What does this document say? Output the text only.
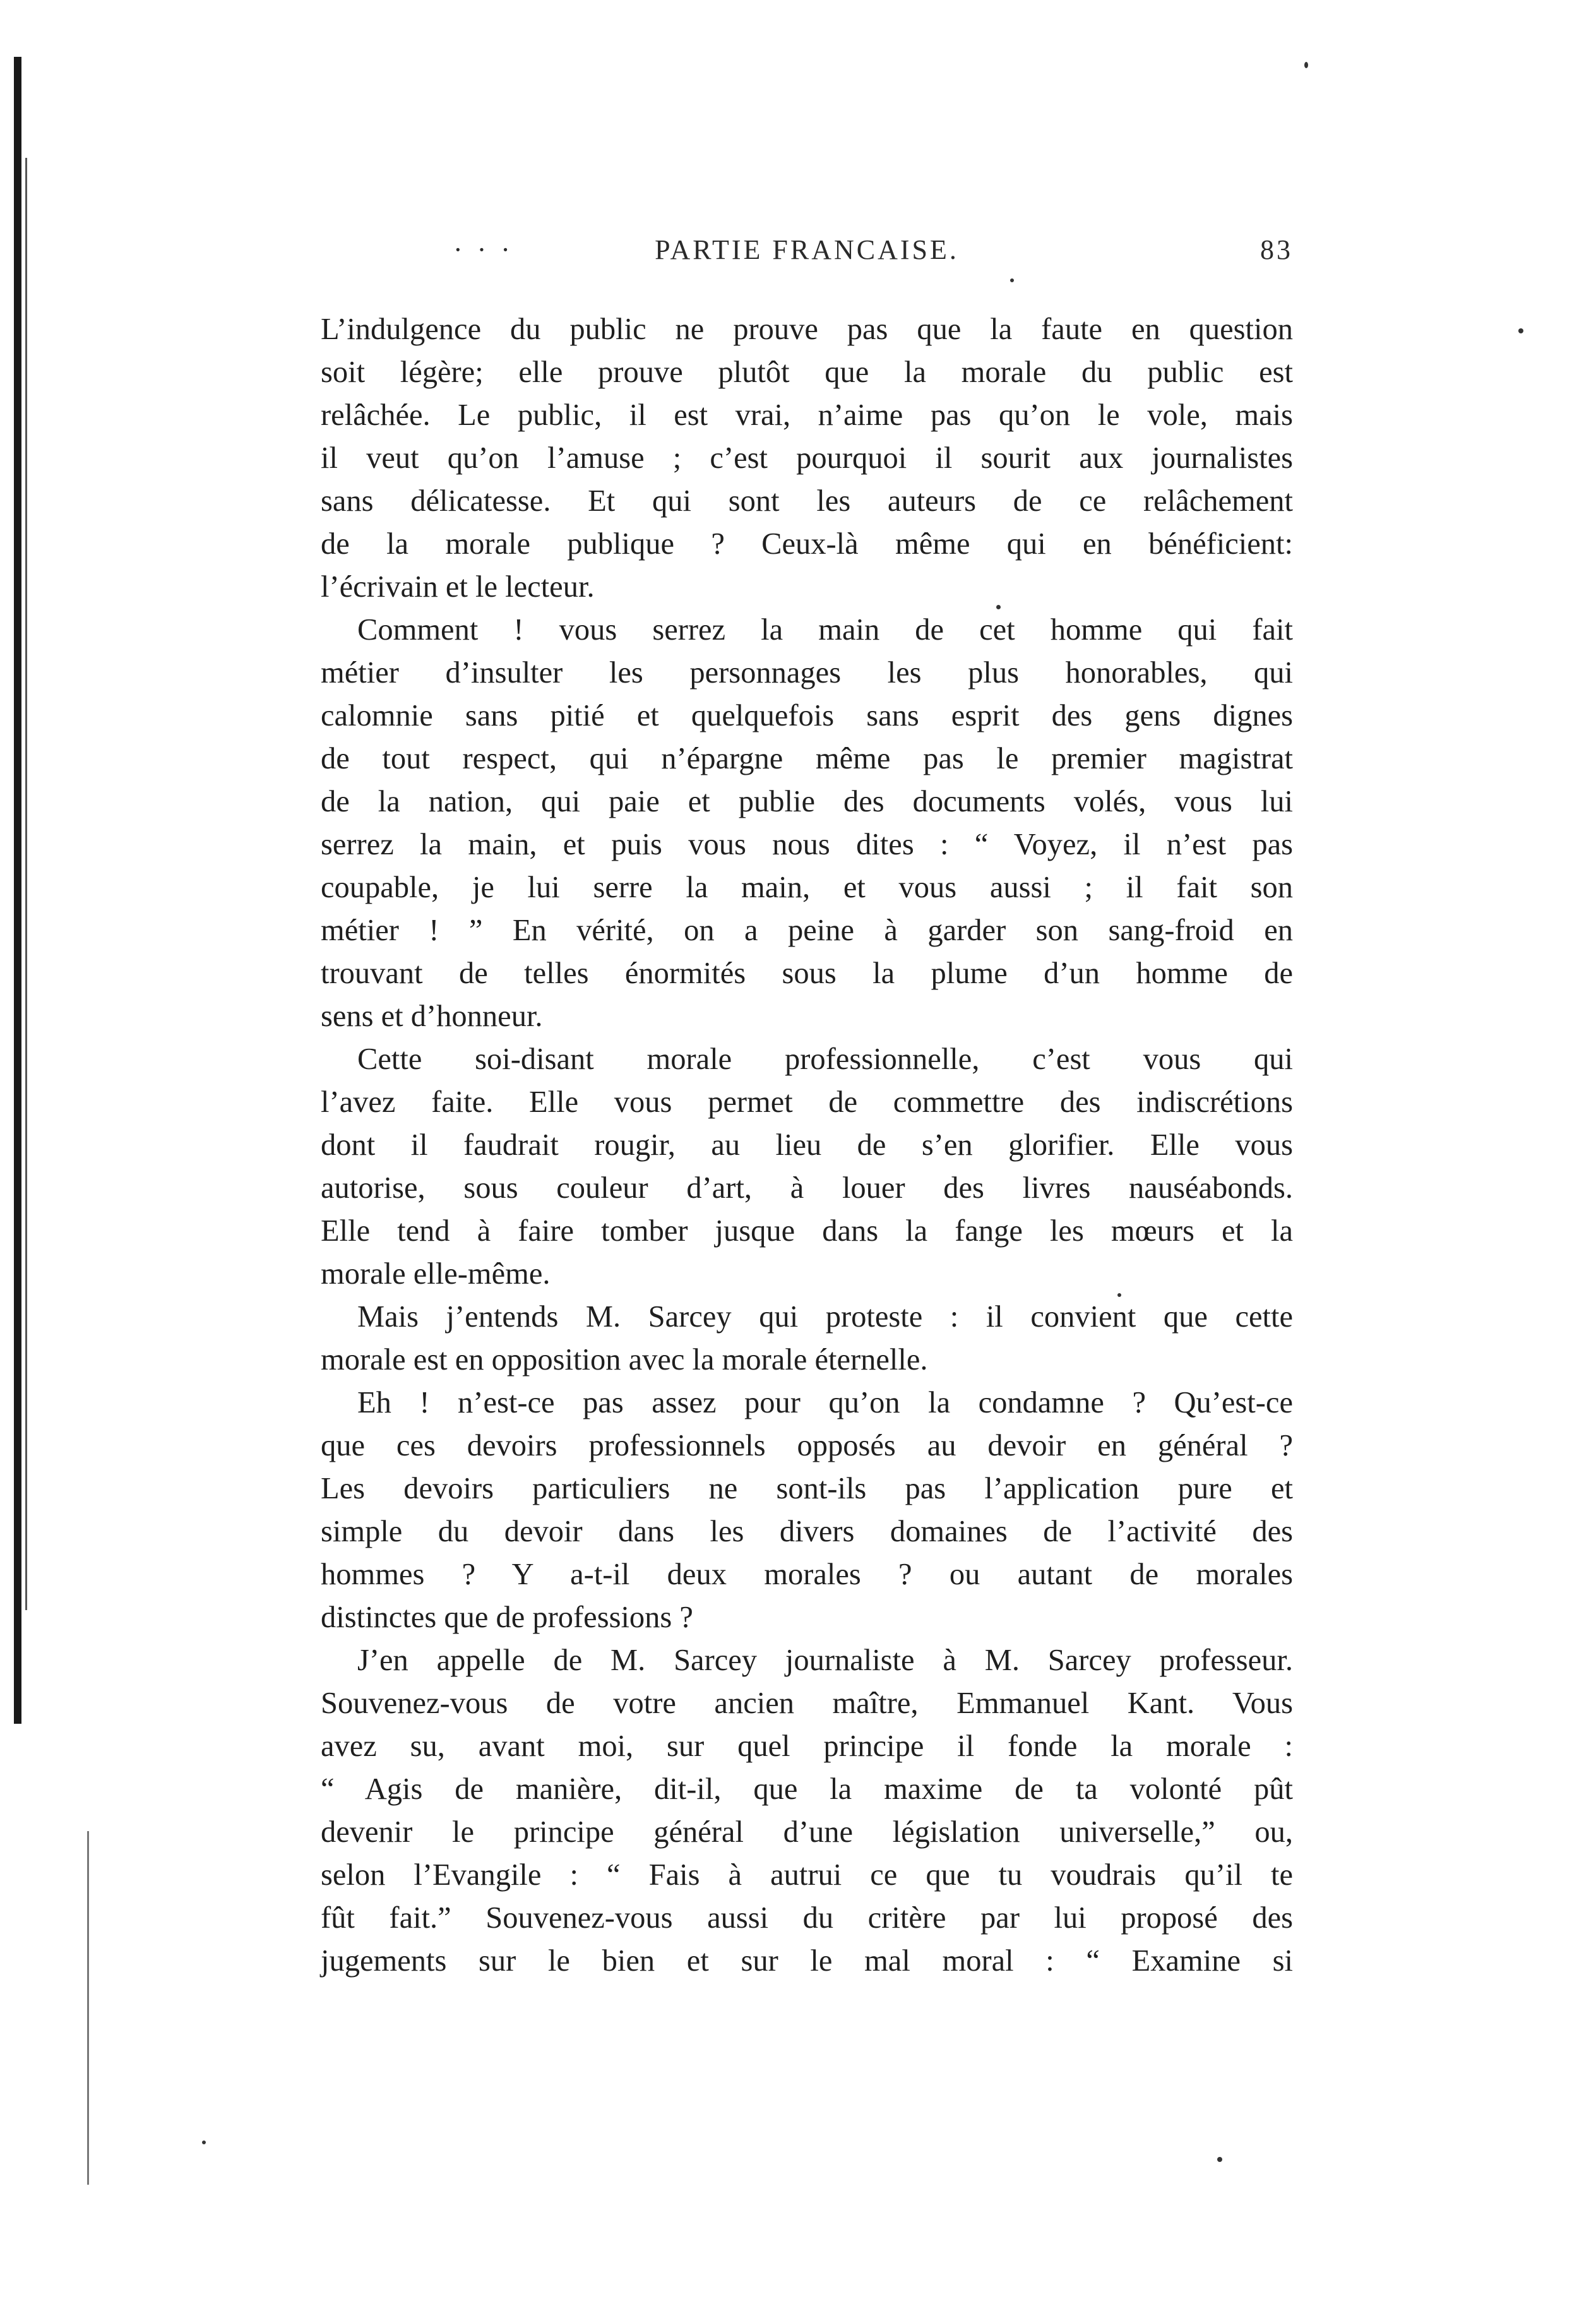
· · ·	PARTIE FRANCAISE.	83

L’indulgence du public ne prouve pas que la faute en question
soit légère; elle prouve plutôt que la morale du public est
relâchée. Le public, il est vrai, n’aime pas qu’on le vole, mais
il veut qu’on l’amuse ; c’est pourquoi il sourit aux journalistes
sans délicatesse. Et qui sont les auteurs de ce relâchement
de la morale publique ? Ceux-là même qui en bénéficient:
l’écrivain et le lecteur.

Comment ! vous serrez la main de cet homme qui fait
métier d’insulter les personnages les plus honorables, qui
calomnie sans pitié et quelquefois sans esprit des gens dignes
de tout respect, qui n’épargne même pas le premier magistrat
de la nation, qui paie et publie des documents volés, vous lui
serrez la main, et puis vous nous dites : “ Voyez, il n’est pas
coupable, je lui serre la main, et vous aussi ; il fait son
métier ! ” En vérité, on a peine à garder son sang-froid en
trouvant de telles énormités sous la plume d’un homme de
sens et d’honneur.

Cette soi-disant morale professionnelle, c’est vous qui
l’avez faite. Elle vous permet de commettre des indiscrétions
dont il faudrait rougir, au lieu de s’en glorifier. Elle vous
autorise, sous couleur d’art, à louer des livres nauséabonds.
Elle tend à faire tomber jusque dans la fange les mœurs et la
morale elle-même.

Mais j’entends M. Sarcey qui proteste : il convient que cette
morale est en opposition avec la morale éternelle.

Eh ! n’est-ce pas assez pour qu’on la condamne ? Qu’est-ce
que ces devoirs professionnels opposés au devoir en général ?
Les devoirs particuliers ne sont-ils pas l’application pure et
simple du devoir dans les divers domaines de l’activité des
hommes ? Y a-t-il deux morales ? ou autant de morales
distinctes que de professions ?

J’en appelle de M. Sarcey journaliste à M. Sarcey professeur.
Souvenez-vous de votre ancien maître, Emmanuel Kant. Vous
avez su, avant moi, sur quel principe il fonde la morale :
“ Agis de manière, dit-il, que la maxime de ta volonté pût
devenir le principe général d’une législation universelle,” ou,
selon l’Evangile : “ Fais à autrui ce que tu voudrais qu’il te
fût fait.” Souvenez-vous aussi du critère par lui proposé des
jugements sur le bien et sur le mal moral : “ Examine si
